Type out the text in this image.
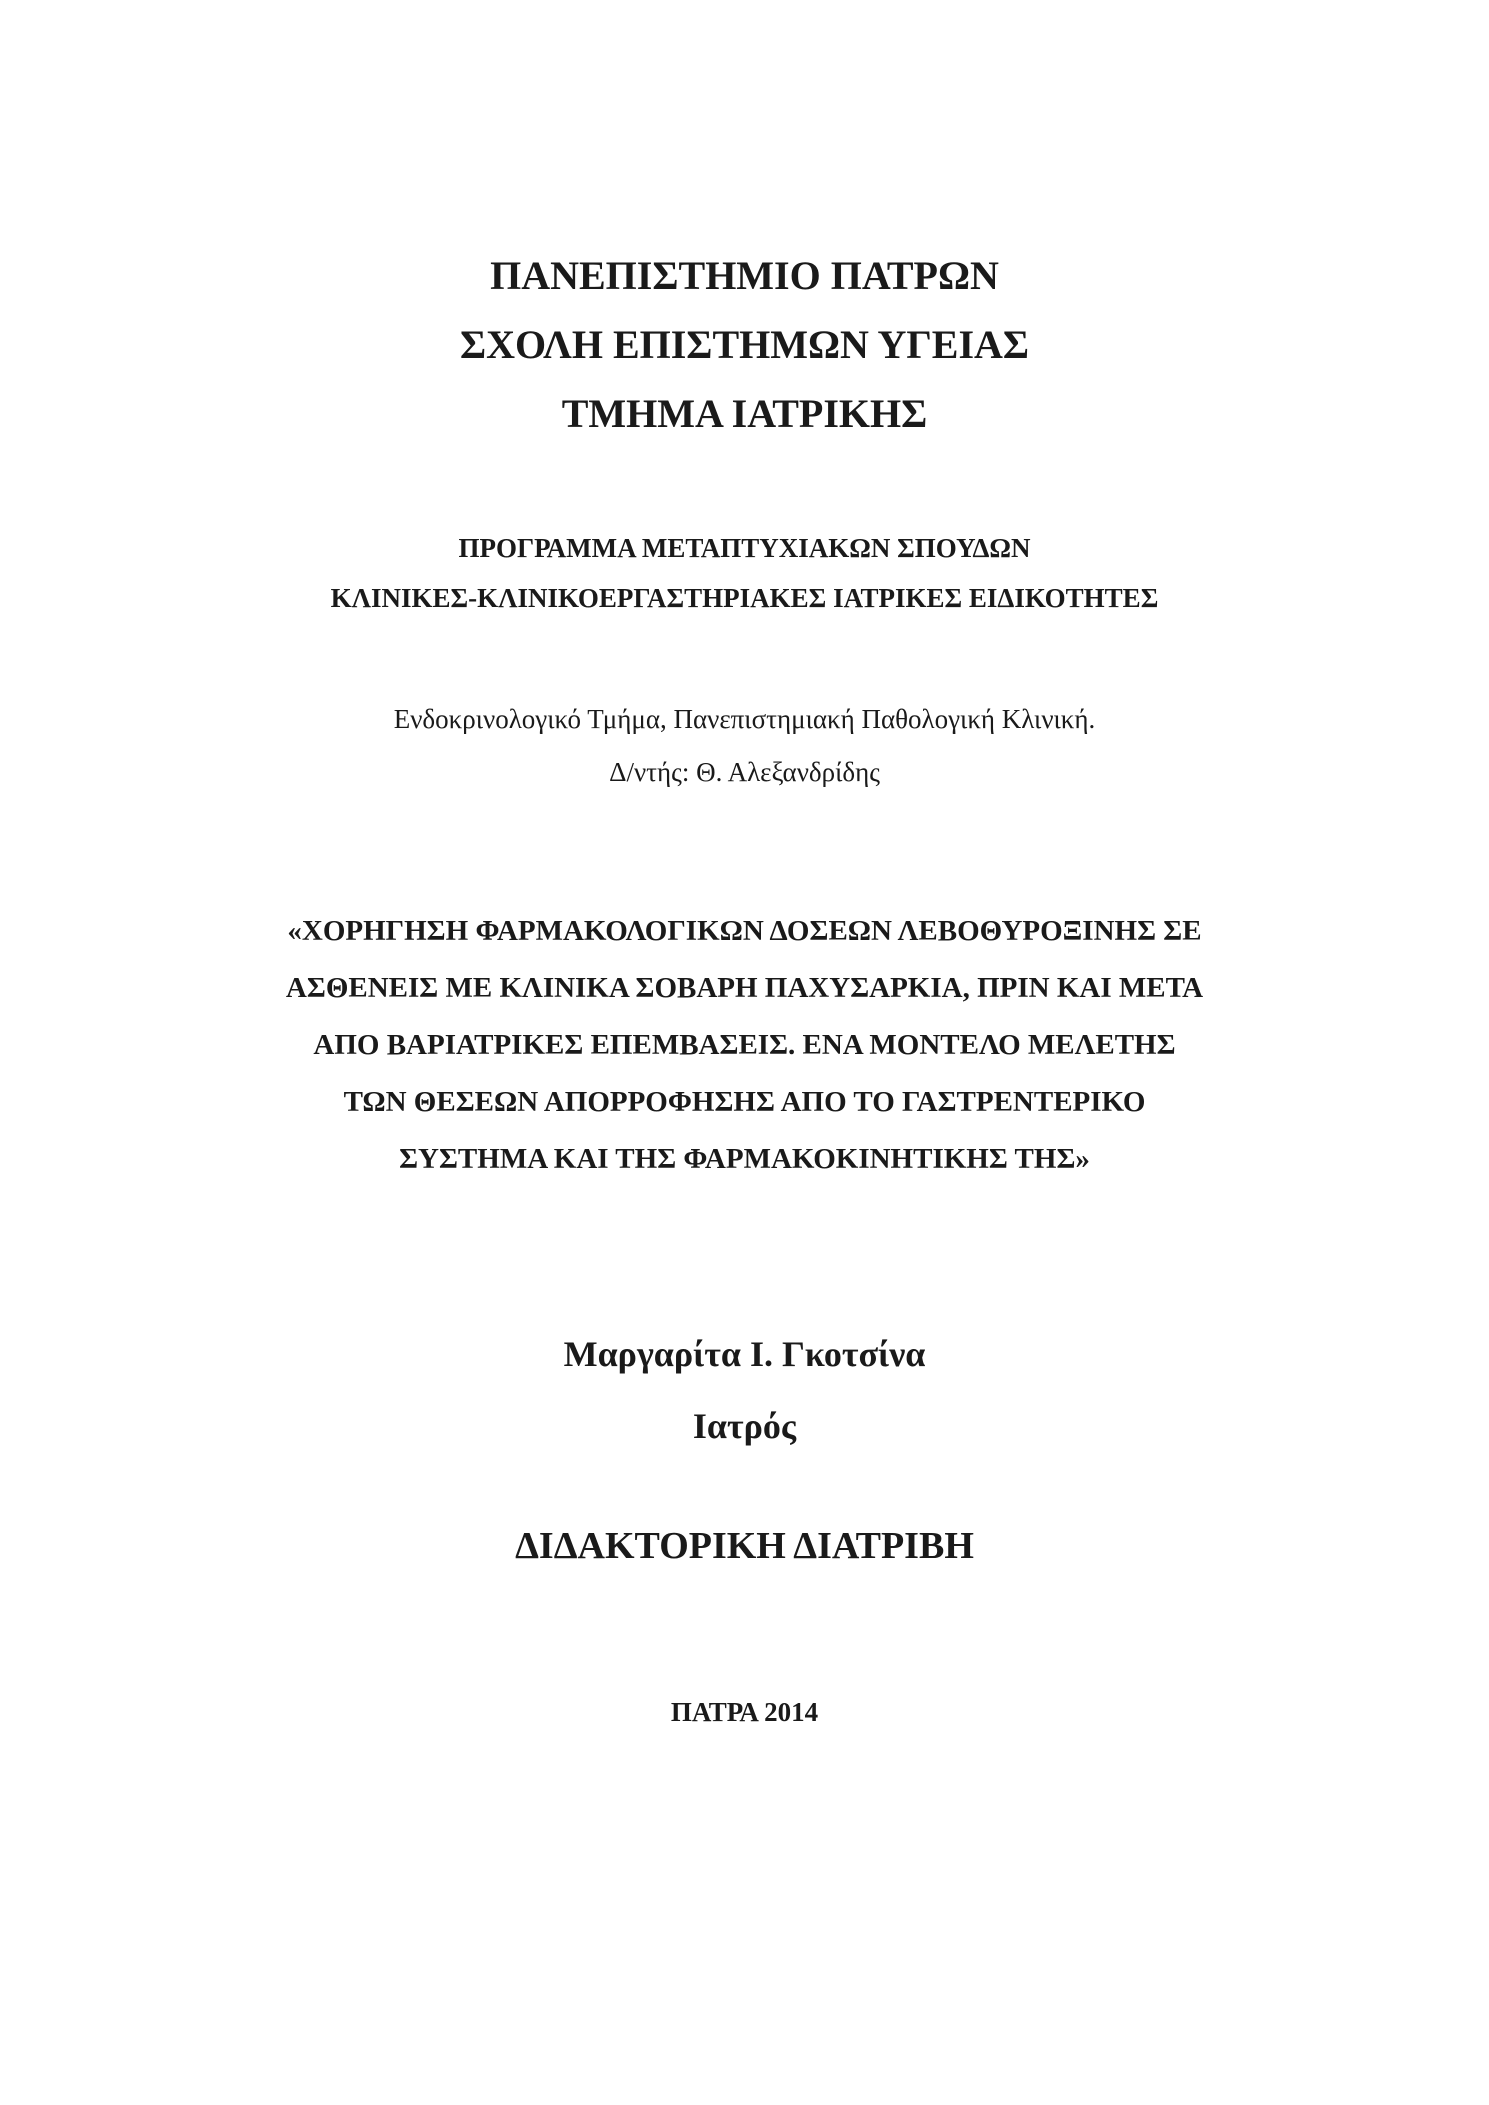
ΠΑΝΕΠΙΣΤΗΜΙΟ ΠΑΤΡΩΝ

ΣΧΟΛΗ ΕΠΙΣΤΗΜΩΝ ΥΓΕΙΑΣ

ΤΜΗΜΑ ΙΑΤΡΙΚΗΣ

ΠΡΟΓΡΑΜΜΑ ΜΕΤΑΠΤΥΧΙΑΚΩΝ ΣΠΟΥΔΩΝ

ΚΛΙΝΙΚΕΣ-ΚΛΙΝΙΚΟΕΡΓΑΣΤΗΡΙΑΚΕΣ ΙΑΤΡΙΚΕΣ ΕΙΔΙΚΟΤΗΤΕΣ

Ενδοκρινολογικό Τμήμα, Πανεπιστημιακή Παθολογική Κλινική.

Δ/ντής: Θ. Αλεξανδρίδης

«ΧΟΡΗΓΗΣΗ ΦΑΡΜΑΚΟΛΟΓΙΚΩΝ ΔΟΣΕΩΝ ΛΕΒΟΘΥΡΟΞΙΝΗΣ ΣΕ

ΑΣΘΕΝΕΙΣ ΜΕ ΚΛΙΝΙΚΑ ΣΟΒΑΡΗ ΠΑΧΥΣΑΡΚΙΑ, ΠΡΙΝ ΚΑΙ ΜΕΤΑ

ΑΠΟ ΒΑΡΙΑΤΡΙΚΕΣ ΕΠΕΜΒΑΣΕΙΣ. ΕΝΑ ΜΟΝΤΕΛΟ ΜΕΛΕΤΗΣ

ΤΩΝ ΘΕΣΕΩΝ ΑΠΟΡΡΟΦΗΣΗΣ ΑΠΟ ΤΟ ΓΑΣΤΡΕΝΤΕΡΙΚΟ

ΣΥΣΤΗΜΑ ΚΑΙ ΤΗΣ ΦΑΡΜΑΚΟΚΙΝΗΤΙΚΗΣ ΤΗΣ»

Μαργαρίτα Ι. Γκοτσίνα

Ιατρός

ΔΙΔΑΚΤΟΡΙΚΗ ΔΙΑΤΡΙΒΗ

ΠΑΤΡΑ 2014
